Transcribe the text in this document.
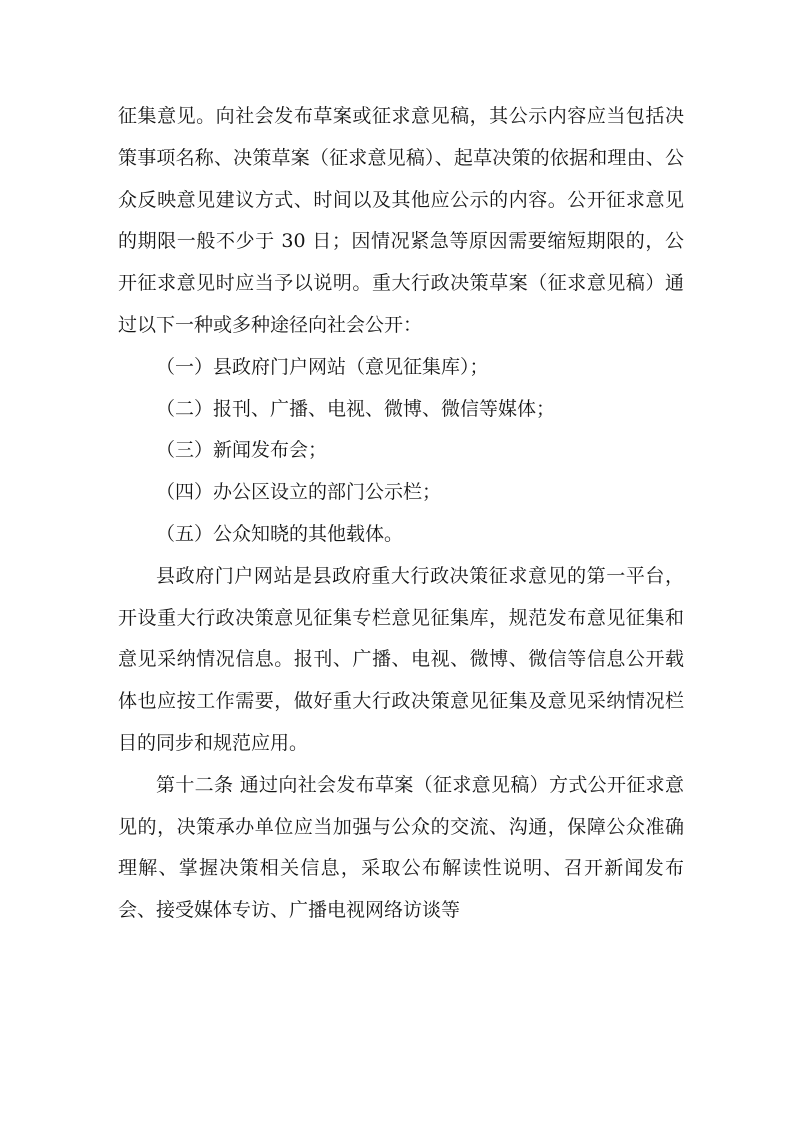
征集意见。向社会发布草案或征求意见稿，其公示内容应当包括决策事项名称、决策草案（征求意见稿）、起草决策的依据和理由、公众反映意见建议方式、时间以及其他应公示的内容。公开征求意见的期限一般不少于 30 日；因情况紧急等原因需要缩短期限的，公开征求意见时应当予以说明。重大行政决策草案（征求意见稿）通过以下一种或多种途径向社会公开：

（一）县政府门户网站（意见征集库）；

（二）报刊、广播、电视、微博、微信等媒体；

（三）新闻发布会；

（四）办公区设立的部门公示栏；

（五）公众知晓的其他载体。

县政府门户网站是县政府重大行政决策征求意见的第一平台，开设重大行政决策意见征集专栏意见征集库，规范发布意见征集和意见采纳情况信息。报刊、广播、电视、微博、微信等信息公开载体也应按工作需要，做好重大行政决策意见征集及意见采纳情况栏目的同步和规范应用。

第十二条 通过向社会发布草案（征求意见稿）方式公开征求意见的，决策承办单位应当加强与公众的交流、沟通，保障公众准确理解、掌握决策相关信息，采取公布解读性说明、召开新闻发布会、接受媒体专访、广播电视网络访谈等
